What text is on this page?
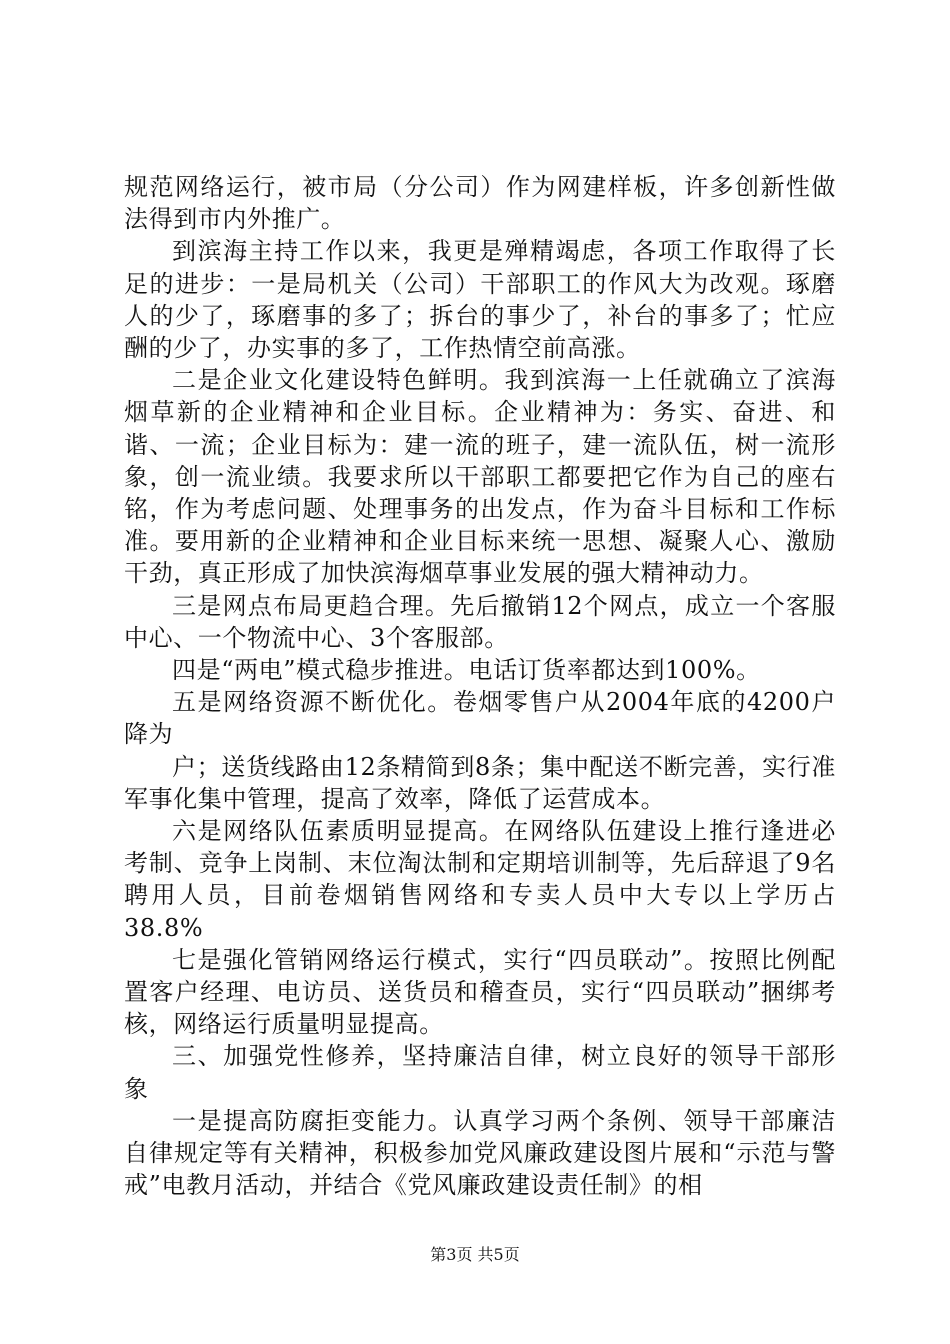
规范网络运行，被市局（分公司）作为网建样板，许多创新性做法得到市内外推广。

到滨海主持工作以来，我更是殚精竭虑，各项工作取得了长足的进步：一是局机关（公司）干部职工的作风大为改观。琢磨人的少了，琢磨事的多了；拆台的事少了，补台的事多了；忙应酬的少了，办实事的多了，工作热情空前高涨。

二是企业文化建设特色鲜明。我到滨海一上任就确立了滨海烟草新的企业精神和企业目标。企业精神为：务实、奋进、和谐、一流；企业目标为：建一流的班子，建一流队伍，树一流形象，创一流业绩。我要求所以干部职工都要把它作为自己的座右铭，作为考虑问题、处理事务的出发点，作为奋斗目标和工作标准。要用新的企业精神和企业目标来统一思想、凝聚人心、激励干劲，真正形成了加快滨海烟草事业发展的强大精神动力。

三是网点布局更趋合理。先后撤销12个网点，成立一个客服中心、一个物流中心、3个客服部。

四是“两电”模式稳步推进。电话订货率都达到100%。

五是网络资源不断优化。卷烟零售户从2004年底的4200户降为

户；送货线路由12条精简到8条；集中配送不断完善，实行准军事化集中管理，提高了效率，降低了运营成本。

六是网络队伍素质明显提高。在网络队伍建设上推行逢进必考制、竞争上岗制、末位淘汰制和定期培训制等，先后辞退了9名聘用人员，目前卷烟销售网络和专卖人员中大专以上学历占38.8%

七是强化管销网络运行模式，实行“四员联动”。按照比例配置客户经理、电访员、送货员和稽查员，实行“四员联动”捆绑考核，网络运行质量明显提高。

三、加强党性修养，坚持廉洁自律，树立良好的领导干部形象

一是提高防腐拒变能力。认真学习两个条例、领导干部廉洁自律规定等有关精神，积极参加党风廉政建设图片展和“示范与警戒”电教月活动，并结合《党风廉政建设责任制》的相

第3页 共5页
